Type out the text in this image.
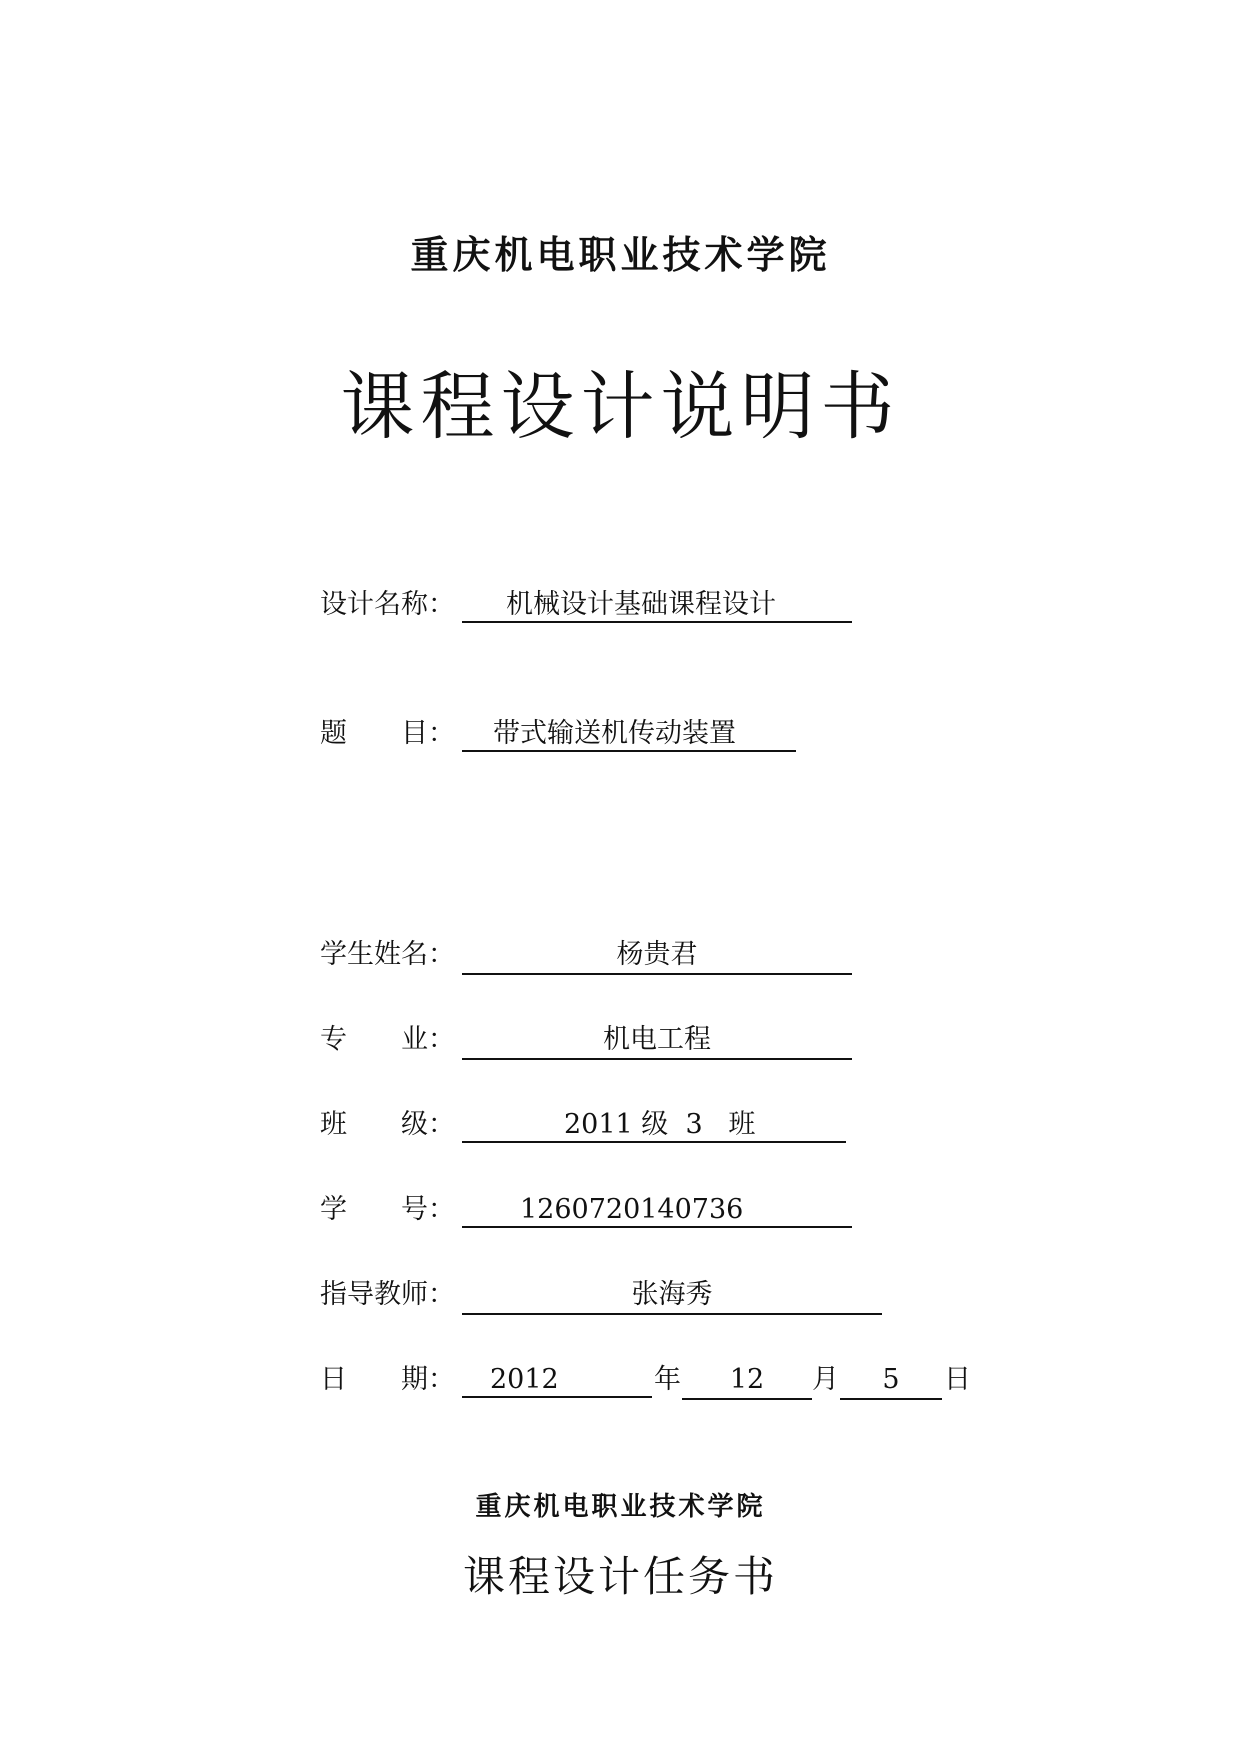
重庆机电职业技术学院
课程设计说明书
设计名称：	机械设计基础课程设计
题　　目：	带式输送机传动装置
学生姓名：	杨贵君
专　　业：	机电工程
班　　级：	2011 级  3   班
学　　号：	1260720140736
指导教师：	张海秀
日　　期：	2012	年	12	月	5	日
重庆机电职业技术学院
课程设计任务书
